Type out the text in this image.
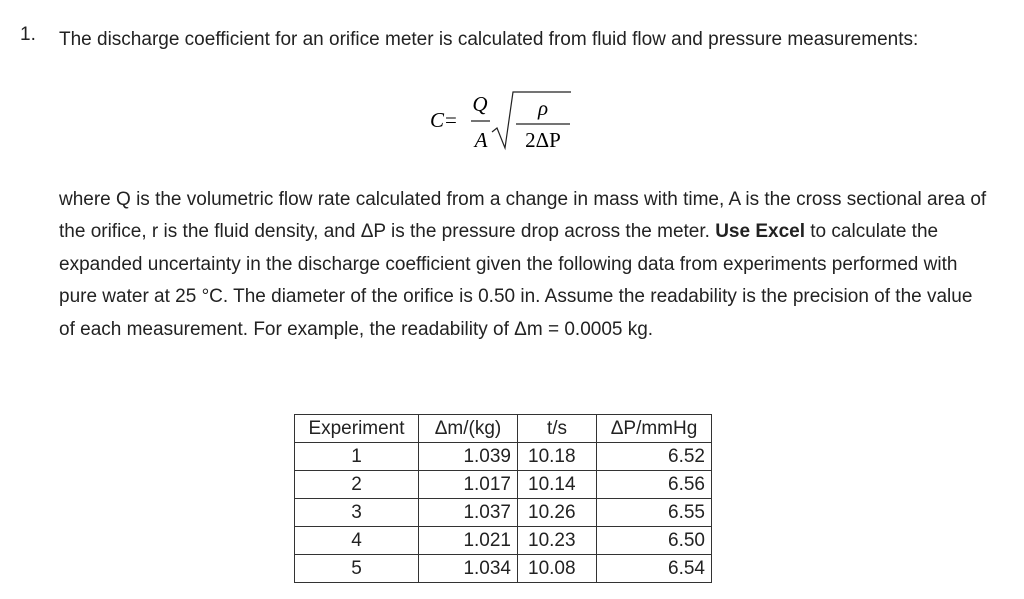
1. The discharge coefficient for an orifice meter is calculated from fluid flow and pressure measurements:

C =
Q
A
ρ
2ΔP

where Q is the volumetric flow rate calculated from a change in mass with time, A is the cross sectional area of the orifice, r is the fluid density, and ΔP is the pressure drop across the meter. Use Excel to calculate the expanded uncertainty in the discharge coefficient given the following data from experiments performed with pure water at 25 °C. The diameter of the orifice is 0.50 in. Assume the readability is the precision of the value of each measurement. For example, the readability of Δm = 0.0005 kg.

Experiment	Δm/(kg)	t/s	ΔP/mmHg
1	1.039	10.18	6.52
2	1.017	10.14	6.56
3	1.037	10.26	6.55
4	1.021	10.23	6.50
5	1.034	10.08	6.54
